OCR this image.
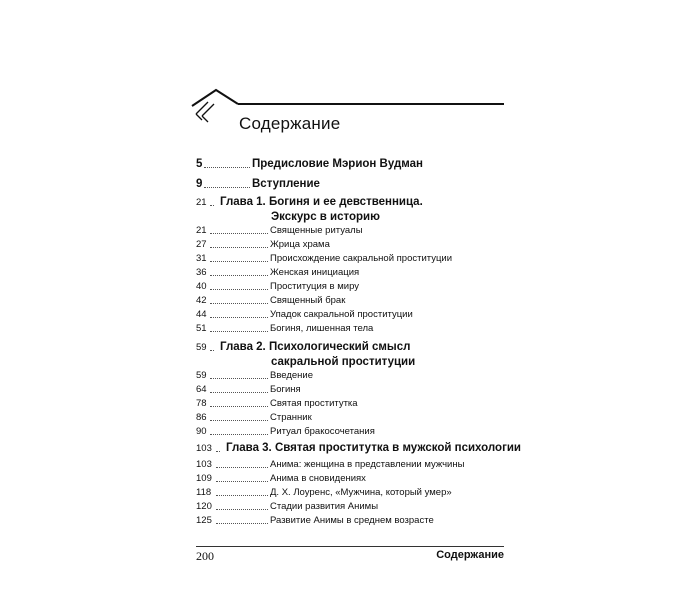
Содержание
5	Предисловие Мэрион Вудман
9	Вступление
21 Глава 1. Богиня и ее девственница.
Экскурс в историю
21	Священные ритуалы
27	Жрица храма
31	Происхождение сакральной проституции
36	Женская инициация
40	Проституция в миру
42	Священный брак
44	Упадок сакральной проституции
51	Богиня, лишенная тела
59 Глава 2. Психологический смысл
сакральной проституции
59	Введение
64	Богиня
78	Святая проститутка
86	Странник
90	Ритуал бракосочетания
103 Глава 3. Святая проститутка в мужской психологии
103	Анима: женщина в представлении мужчины
109	Анима в сновидениях
118	Д. Х. Лоуренс, «Мужчина, который умер»
120	Стадии развития Анимы
125	Развитие Анимы в среднем возрасте
200	Содержание
